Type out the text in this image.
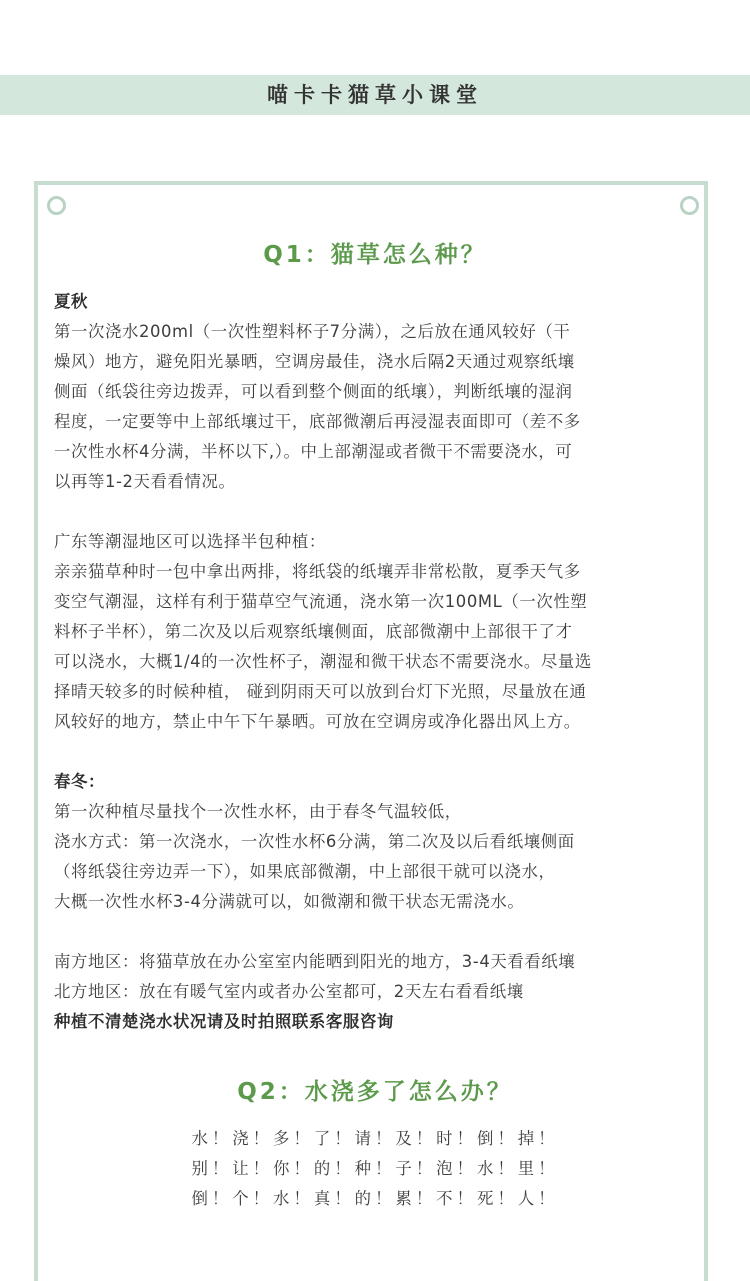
喵卡卡猫草小课堂
Q1：猫草怎么种？
夏秋
第一次浇水200ml（一次性塑料杯子7分满），之后放在通风较好（干
燥风）地方，避免阳光暴晒，空调房最佳，浇水后隔2天通过观察纸壤
侧面（纸袋往旁边拨弄，可以看到整个侧面的纸壤），判断纸壤的湿润
程度，一定要等中上部纸壤过干，底部微潮后再浸湿表面即可（差不多
一次性水杯4分满，半杯以下,）。中上部潮湿或者微干不需要浇水，可
以再等1-2天看看情况。
广东等潮湿地区可以选择半包种植：
亲亲猫草种时一包中拿出两排，将纸袋的纸壤弄非常松散，夏季天气多
变空气潮湿，这样有利于猫草空气流通，浇水第一次100ML（一次性塑
料杯子半杯），第二次及以后观察纸壤侧面，底部微潮中上部很干了才
可以浇水，大概1/4的一次性杯子，潮湿和微干状态不需要浇水。尽量选
择晴天较多的时候种植， 碰到阴雨天可以放到台灯下光照，尽量放在通
风较好的地方，禁止中午下午暴晒。可放在空调房或净化器出风上方。
春冬：
第一次种植尽量找个一次性水杯，由于春冬气温较低，
浇水方式：第一次浇水，一次性水杯6分满，第二次及以后看纸壤侧面
（将纸袋往旁边弄一下），如果底部微潮，中上部很干就可以浇水，
大概一次性水杯3-4分满就可以，如微潮和微干状态无需浇水。
南方地区：将猫草放在办公室室内能晒到阳光的地方，3-4天看看纸壤
北方地区：放在有暖气室内或者办公室都可，2天左右看看纸壤
种植不清楚浇水状况请及时拍照联系客服咨询
Q2：水浇多了怎么办？
水！浇！多！了！请！及！时！倒！掉！
别！让！你！的！种！子！泡！水！里！
倒！个！水！真！的！累！不！死！人！
